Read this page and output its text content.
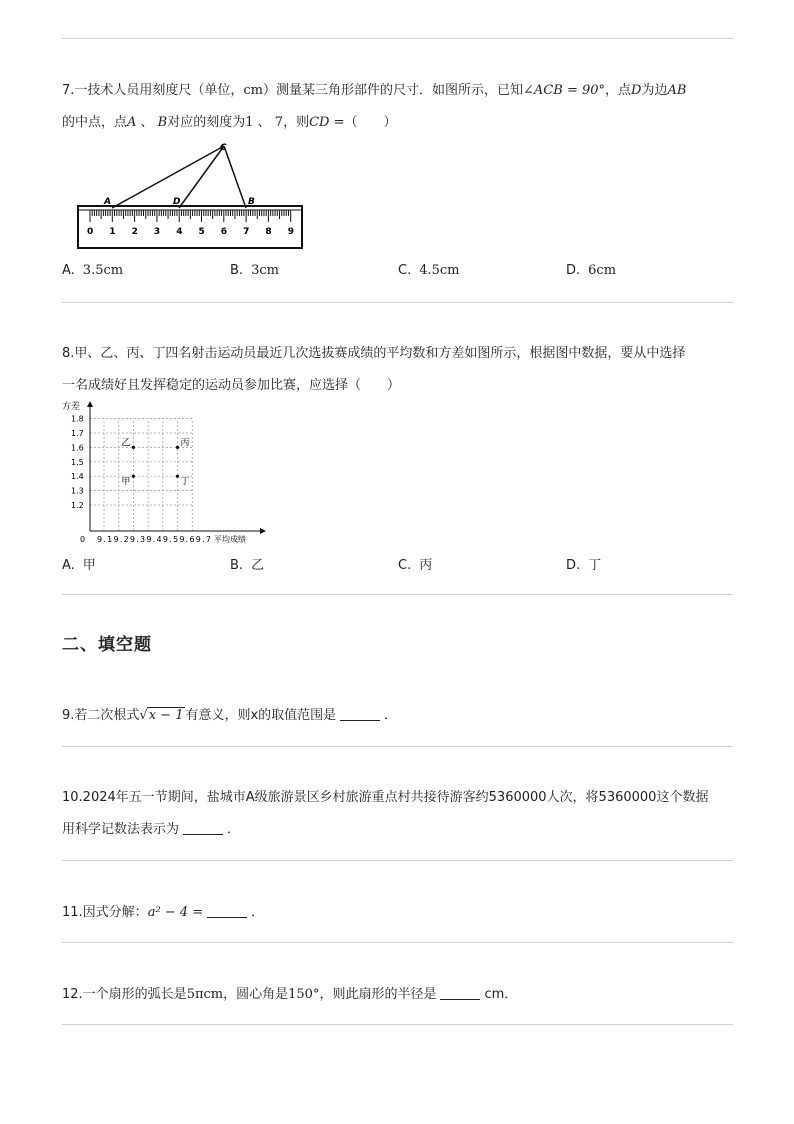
7.一技术人员用刻度尺（单位，cm）测量某三角形部件的尺寸．如图所示，已知∠ACB = 90°，点D为边AB
的中点，点A 、 B对应的刻度为1 、 7，则CD =（　　）
0 1 2 3 4 5 6 7 8 9
A	D
C
B
A. 3.5cm	B. 3cm	C. 4.5cm	D. 6cm
8.甲、乙、丙、丁四名射击运动员最近几次选拔赛成绩的平均数和方差如图所示，根据图中数据，要从中选择
一名成绩好且发挥稳定的运动员参加比赛，应选择（　　）
方差
0 9.19.29.39.49.59.69.7 平均成绩
1.2
1.3
1.4
1.5
1.6
1.7
1.8
乙	丙
甲	丁
A. 甲	B. 乙	C. 丙	D. 丁
二、填空题
9.若二次根式√x − 1 有意义，则x的取值范围是	．
10.2024年五一节期间，盐城市A级旅游景区乡村旅游重点村共接待游客约5360000人次，将5360000这个数据
用科学记数法表示为	．
11.因式分解：a² − 4 =	．
12.一个扇形的弧长是5πcm，圆心角是150°，则此扇形的半径是	cm．
